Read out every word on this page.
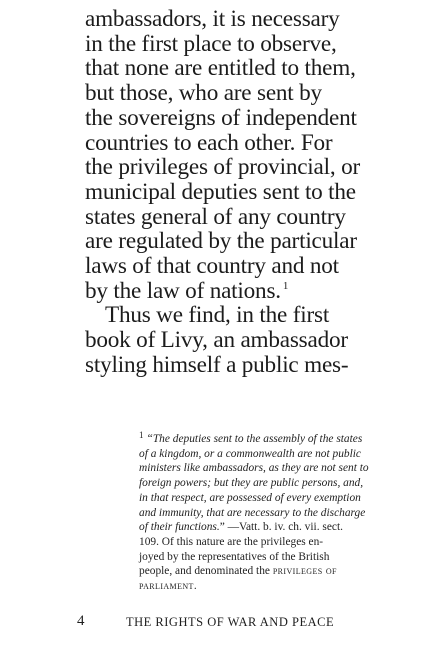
ambassadors, it is necessary
in the first place to observe,
that none are entitled to them,
but those, who are sent by
the sovereigns of independent
countries to each other. For
the privileges of provincial, or
municipal deputies sent to the
states general of any country
are regulated by the particular
laws of that country and not
by the law of nations. $^1$
Thus we find, in the first
book of Livy, an ambassador
styling himself a public mes-
$^1$ “The deputies sent to the assembly of the states
of a kingdom, or a commonwealth are not public
ministers like ambassadors, as they are not sent to
foreign powers; but they are public persons, and,
in that respect, are possessed of every exemption
and immunity, that are necessary to the discharge
of their functions.” —Vatt. b. iv. ch. vii. sect.
109. Of this nature are the privileges en-
joyed by the representatives of the British
people, and denominated the privileges of
parliament.
4	THE RIGHTS OF WAR AND PEACE
